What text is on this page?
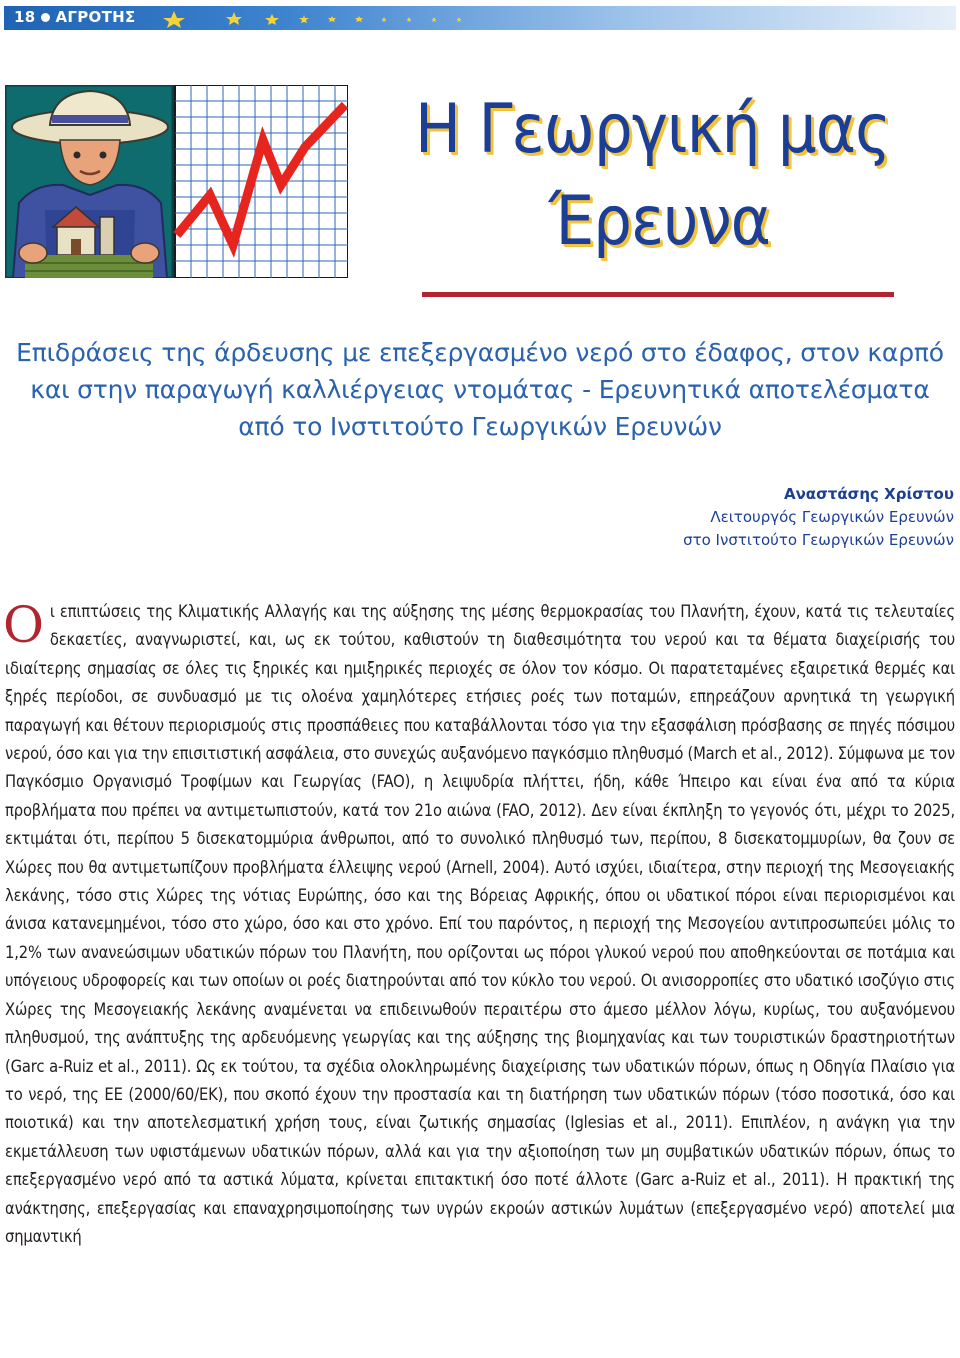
18 ΑΓΡΟΤΗΣ
Η Γεωργική μας
Έρευνα
Επιδράσεις της άρδευσης με επεξεργασμένο νερό στο έδαφος, στον καρπό
και στην παραγωγή καλλιέργειας ντομάτας - Ερευνητικά αποτελέσματα
από το Ινστιτούτο Γεωργικών Ερευνών
Αναστάσης Χρίστου
Λειτουργός Γεωργικών Ερευνών
στο Ινστιτούτο Γεωργικών Ερευνών

Οι επιπτώσεις της Κλιματικής Αλλαγής και της αύξησης της μέσης θερμοκρασίας του Πλανήτη, έχουν, κατά τις τελευταίες δεκαετίες, αναγνωριστεί, και, ως εκ τούτου, καθιστούν τη διαθεσιμότητα του νερού και τα θέματα διαχείρισής του ιδιαίτερης σημασίας σε όλες τις ξηρικές και ημιξηρικές περιοχές σε όλον τον κόσμο. Οι παρατεταμένες εξαιρετικά θερμές και ξηρές περίοδοι, σε συνδυασμό με τις ολοένα χαμηλότερες ετήσιες ροές των ποταμών, επηρεάζουν αρνητικά τη γεωργική παραγωγή και θέτουν περιορισμούς στις προσπάθειες που καταβάλλονται τόσο για την εξασφάλιση πρόσβασης σε πηγές πόσιμου νερού, όσο και για την επισιτιστική ασφάλεια, στο συνεχώς αυξανόμενο παγκόσμιο πληθυσμό (March et al., 2012). Σύμφωνα με τον Παγκόσμιο Οργανισμό Τροφίμων και Γεωργίας (FAO), η λειψυδρία πλήττει, ήδη, κάθε Ήπειρο και είναι ένα από τα κύρια προβλήματα που πρέπει να αντιμετωπιστούν, κατά τον 21ο αιώνα (FAO, 2012). Δεν είναι έκπληξη το γεγονός ότι, μέχρι το 2025, εκτιμάται ότι, περίπου 5 δισεκατομμύρια άνθρωποι, από το συνολικό πληθυσμό των, περίπου, 8 δισεκατομμυρίων, θα ζουν σε Χώρες που θα αντιμετωπίζουν προβλήματα έλλειψης νερού (Arnell, 2004). Αυτό ισχύει, ιδιαίτερα, στην περιοχή της Μεσογειακής λεκάνης, τόσο στις Χώρες της νότιας Ευρώπης, όσο και της Βόρειας Αφρικής, όπου οι υδατικοί πόροι είναι περιορισμένοι και άνισα κατανεμημένοι, τόσο στο χώρο, όσο και στο χρόνο. Επί του παρόντος, η περιοχή της Μεσογείου αντιπροσωπεύει μόλις το 1,2% των ανανεώσιμων υδατικών πόρων του Πλανήτη, που ορίζονται ως πόροι γλυκού νερού που αποθηκεύονται σε ποτάμια και υπόγειους υδροφορείς και των οποίων οι ροές διατηρούνται από τον κύκλο του νερού. Οι ανισορροπίες στο υδατικό ισοζύγιο στις Χώρες της Μεσογειακής λεκάνης αναμένεται να επιδεινωθούν περαιτέρω στο άμεσο μέλλον λόγω, κυρίως, του αυξανόμενου πληθυσμού, της ανάπτυξης της αρδευόμενης γεωργίας και της αύξησης της βιομηχανίας και των τουριστικών δραστηριοτήτων (Garc a-Ruiz et al., 2011). Ως εκ τούτου, τα σχέδια ολοκληρωμένης διαχείρισης των υδατικών πόρων, όπως η Οδηγία Πλαίσιο για το νερό, της ΕΕ (2000/60/ΕΚ), που σκοπό έχουν την προστασία και τη διατήρηση των υδατικών πόρων (τόσο ποσοτικά, όσο και ποιοτικά) και την αποτελεσματική χρήση τους, είναι ζωτικής σημασίας (Iglesias et al., 2011). Επιπλέον, η ανάγκη για την εκμετάλλευση των υφιστάμενων υδατικών πόρων, αλλά και για την αξιοποίηση των μη συμβατικών υδατικών πόρων, όπως το επεξεργασμένο νερό από τα αστικά λύματα, κρίνεται επιτακτική όσο ποτέ άλλοτε (Garc a-Ruiz et al., 2011). Η πρακτική της ανάκτησης, επεξεργασίας και επαναχρησιμοποίησης των υγρών εκροών αστικών λυμάτων (επεξεργασμένο νερό) αποτελεί μια σημαντική
